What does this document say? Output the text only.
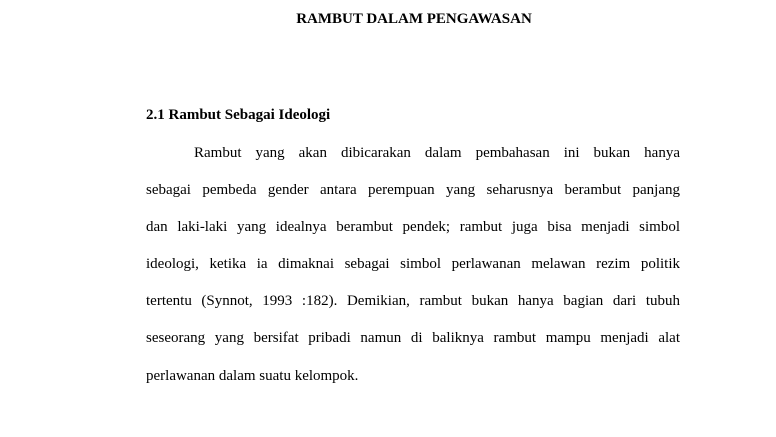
RAMBUT DALAM PENGAWASAN
2.1 Rambut Sebagai Ideologi
Rambut yang akan dibicarakan dalam pembahasan ini bukan hanya
sebagai pembeda gender antara perempuan yang seharusnya berambut panjang
dan laki-laki yang idealnya berambut pendek; rambut juga bisa menjadi simbol
ideologi, ketika ia dimaknai sebagai simbol perlawanan melawan rezim politik
tertentu (Synnot, 1993 :182). Demikian, rambut bukan hanya bagian dari tubuh
seseorang yang bersifat pribadi namun di baliknya rambut mampu menjadi alat
perlawanan dalam suatu kelompok.
